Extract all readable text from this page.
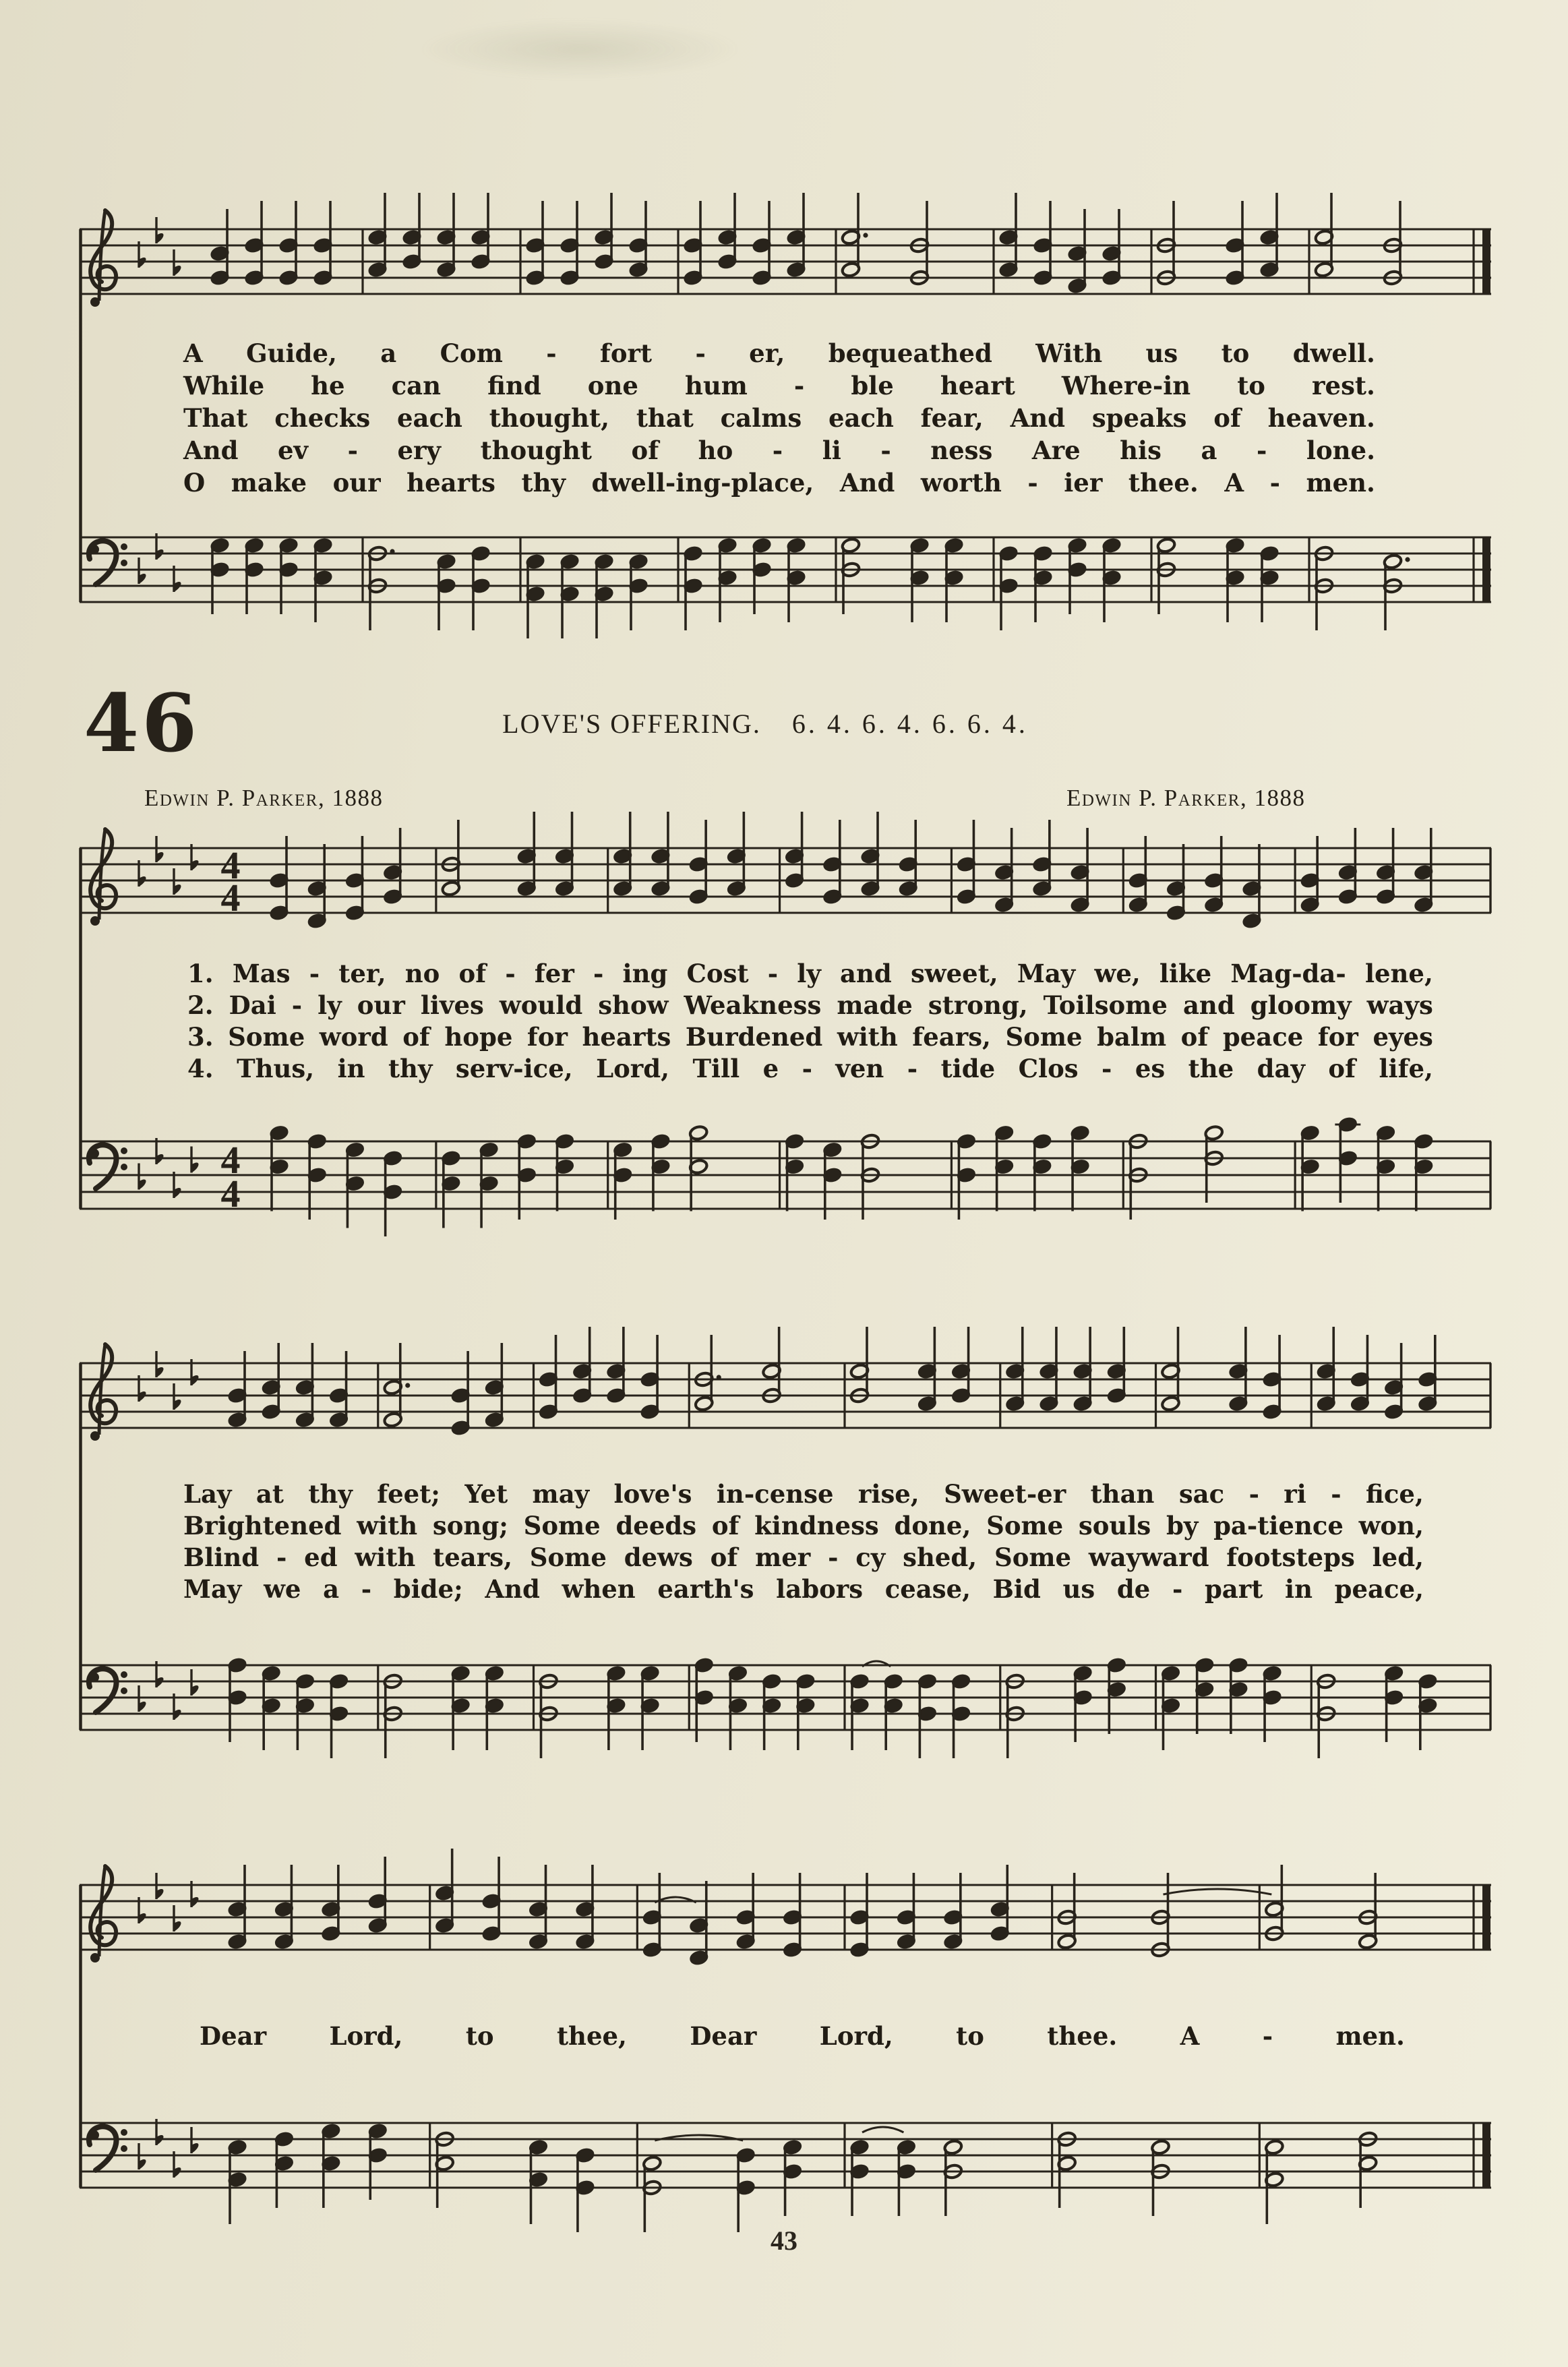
4
4
4
4
A Guide, a Com - fort - er, bequeathed With us to dwell.
While he can find one hum - ble heart Where-in to rest.
That checks each thought, that calms each fear, And speaks of heaven.
And ev - ery thought of ho - li - ness Are his a - lone.
O make our hearts thy dwell-ing-place, And worth - ier thee. A - men.
46	LOVE'S OFFERING. 6. 4. 6. 4. 6. 6. 4.
Edwin P. Parker, 1888	Edwin P. Parker, 1888
1. Mas - ter, no of - fer - ing Cost - ly and sweet, May we, like Mag-da- lene,
2. Dai - ly our lives would show Weakness made strong, Toilsome and gloomy ways
3. Some word of hope for hearts Burdened with fears, Some balm of peace for eyes
4. Thus, in thy serv-ice, Lord, Till e - ven - tide Clos - es the day of life,
Lay at thy feet; Yet may love's in-cense rise, Sweet-er than sac - ri - fice,
Brightened with song; Some deeds of kindness done, Some souls by pa-tience won,
Blind - ed with tears, Some dews of mer - cy shed, Some wayward footsteps led,
May we a - bide; And when earth's labors cease, Bid us de - part in peace,
Dear	Lord,	to	thee,	Dear	Lord,	to	thee.	A	-	men.
43
